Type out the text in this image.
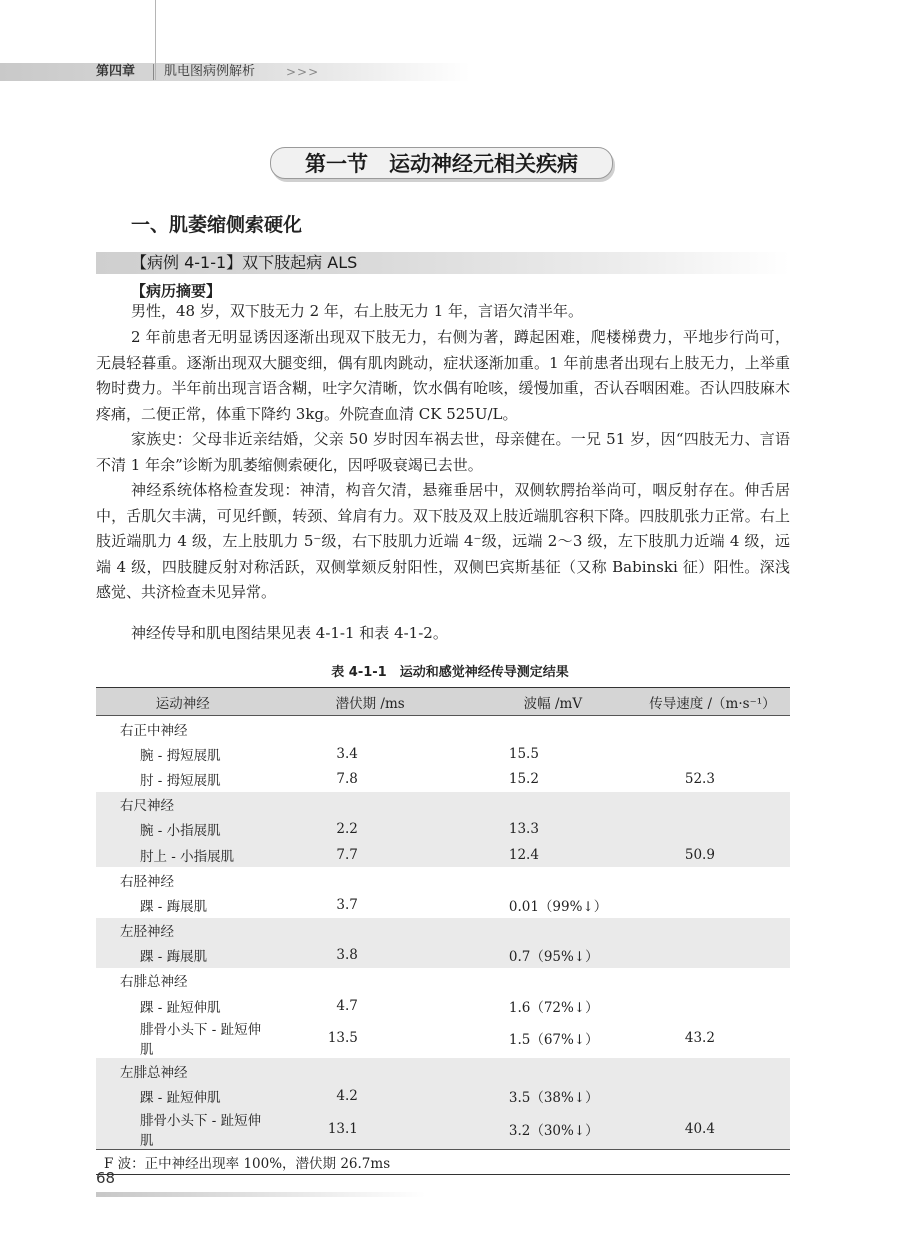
第四章 肌电图病例解析	>>>
第一节　运动神经元相关疾病
一、肌萎缩侧索硬化
【病例 4-1-1】双下肢起病 ALS
【病历摘要】

男性，48 岁，双下肢无力 2 年，右上肢无力 1 年，言语欠清半年。

2 年前患者无明显诱因逐渐出现双下肢无力，右侧为著，蹲起困难，爬楼梯费力，平地步行尚可，无晨轻暮重。逐渐出现双大腿变细，偶有肌肉跳动，症状逐渐加重。1 年前患者出现右上肢无力，上举重物时费力。半年前出现言语含糊，吐字欠清晰，饮水偶有呛咳，缓慢加重，否认吞咽困难。否认四肢麻木疼痛，二便正常，体重下降约 3kg。外院查血清 CK 525U/L。

家族史：父母非近亲结婚，父亲 50 岁时因车祸去世，母亲健在。一兄 51 岁，因“四肢无力、言语不清 1 年余”诊断为肌萎缩侧索硬化，因呼吸衰竭已去世。

神经系统体格检查发现：神清，构音欠清，悬雍垂居中，双侧软腭抬举尚可，咽反射存在。伸舌居中，舌肌欠丰满，可见纤颤，转颈、耸肩有力。双下肢及双上肢近端肌容积下降。四肢肌张力正常。右上肢近端肌力 4 级，左上肢肌力 5⁻级，右下肢肌力近端 4⁻级，远端 2～3 级，左下肢肌力近端 4 级，远端 4 级，四肢腱反射对称活跃，双侧掌颏反射阳性，双侧巴宾斯基征（又称 Babinski 征）阳性。深浅感觉、共济检查未见异常。

神经传导和肌电图结果见表 4-1-1 和表 4-1-2。

表 4-1-1　运动和感觉神经传导测定结果
运动神经	潜伏期 /ms	波幅 /mV	传导速度 /（m·s⁻¹）
右正中神经			
腕 - 拇短展肌	3.4	15.5	
肘 - 拇短展肌	7.8	15.2	52.3
右尺神经			
腕 - 小指展肌	2.2	13.3	
肘上 - 小指展肌	7.7	12.4	50.9
右胫神经			
踝 - 踇展肌	3.7	0.01（99%↓）	
左胫神经			
踝 - 踇展肌	3.8	0.7（95%↓）	
右腓总神经			
踝 - 趾短伸肌	4.7	1.6（72%↓）	
腓骨小头下 - 趾短伸肌	13.5	1.5（67%↓）	43.2
左腓总神经			
踝 - 趾短伸肌	4.2	3.5（38%↓）	
腓骨小头下 - 趾短伸肌	13.1	3.2（30%↓）	40.4
F 波：正中神经出现率 100%，潜伏期 26.7ms			
68
